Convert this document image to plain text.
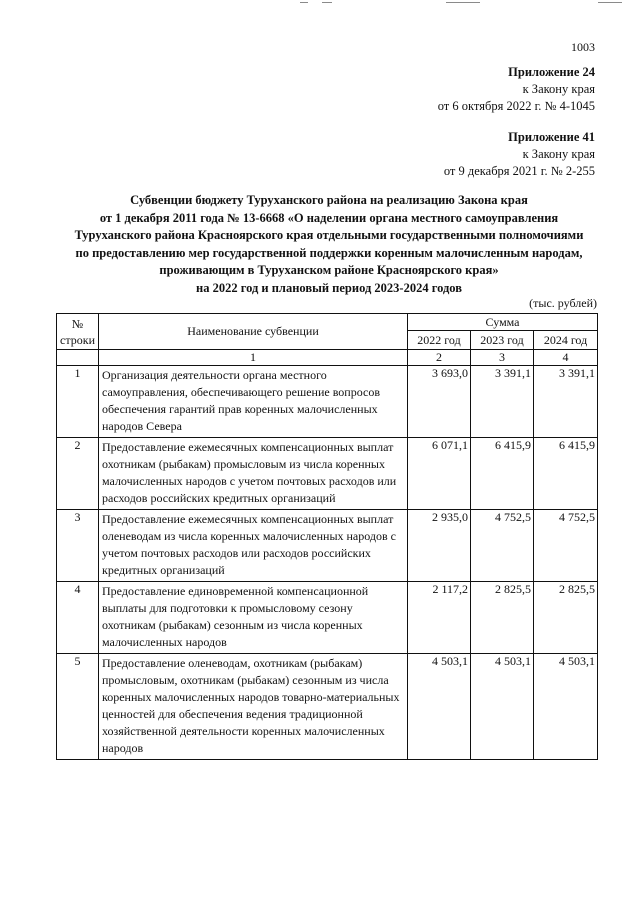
1003
Приложение 24
к Закону края
от 6 октября 2022 г. № 4-1045
Приложение 41
к Закону края
от 9 декабря 2021 г. № 2-255
Субвенции бюджету Туруханского района на реализацию Закона края
от 1 декабря 2011 года № 13-6668 «О наделении органа местного самоуправления
Туруханского района Красноярского края отдельными государственными полномочиями
по предоставлению мер государственной поддержки коренным малочисленным народам,
проживающим в Туруханском районе Красноярского края»
на 2022 год и плановый период 2023-2024 годов
(тыс. рублей)
№
строки	Наименование субвенции	Сумма		
		2022 год	2023 год	2024 год
	1	2	3	4
1	Организация деятельности органа местного самоуправления, обеспечивающего решение вопросов обеспечения гарантий прав коренных малочисленных народов Севера	3 693,0	3 391,1	3 391,1
2	Предоставление ежемесячных компенсационных выплат охотникам (рыбакам) промысловым из числа коренных малочисленных народов с учетом почтовых расходов или расходов российских кредитных организаций	6 071,1	6 415,9	6 415,9
3	Предоставление ежемесячных компенсационных выплат оленеводам из числа коренных малочисленных народов с учетом почтовых расходов или расходов российских кредитных организаций	2 935,0	4 752,5	4 752,5
4	Предоставление единовременной компенсационной выплаты для подготовки к промысловому сезону охотникам (рыбакам) сезонным из числа коренных малочисленных народов	2 117,2	2 825,5	2 825,5
5	Предоставление оленеводам, охотникам (рыбакам) промысловым, охотникам (рыбакам) сезонным из числа коренных малочисленных народов товарно-материальных ценностей для обеспечения ведения традиционной хозяйственной деятельности коренных малочисленных народов	4 503,1	4 503,1	4 503,1
